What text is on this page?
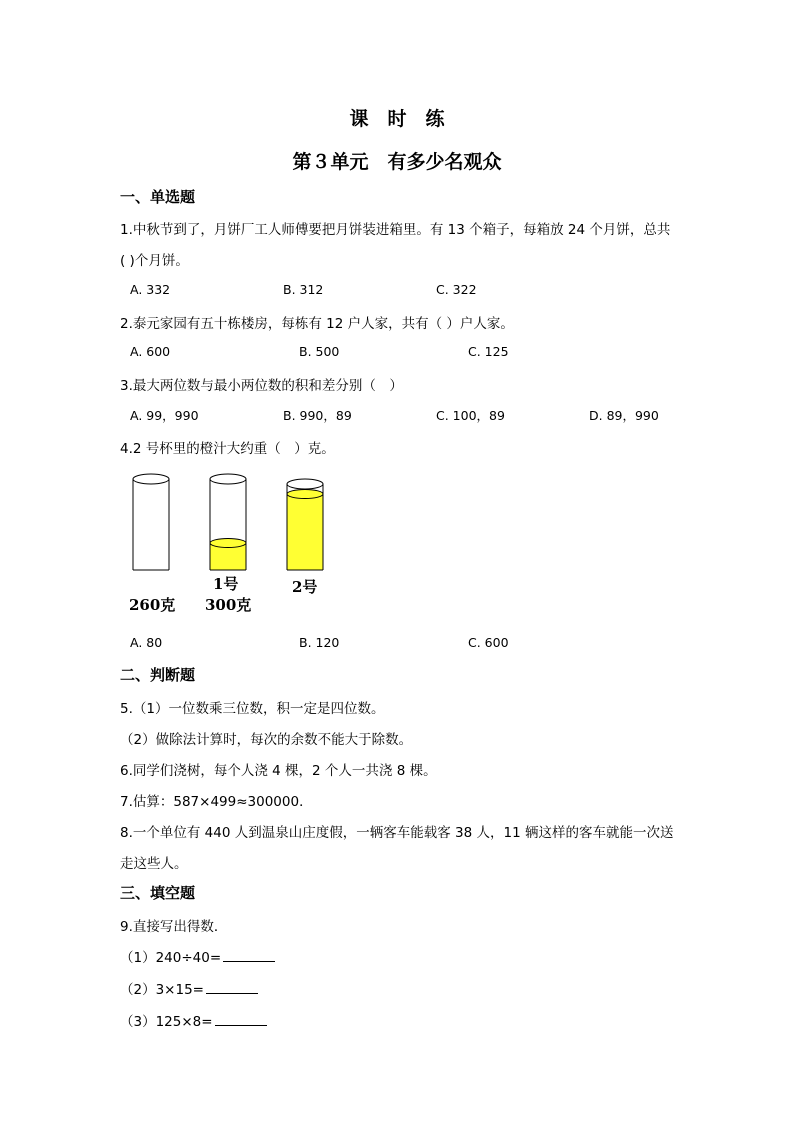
课　时　练
第３单元　有多少名观众
一、单选题
1.中秋节到了，月饼厂工人师傅要把月饼装进箱里。有 13 个箱子，每箱放 24 个月饼，总共
( )个月饼。
A. 332	B. 312	C. 322
2.泰元家园有五十栋楼房，每栋有 12 户人家，共有（ ）户人家。
A. 600	B. 500	C. 125
3.最大两位数与最小两位数的积和差分别（　）
A. 99，990	B. 990，89	C. 100，89	D. 89，990
4.2 号杯里的橙汁大约重（　）克。
260克
1号
300克
2号
A. 80	B. 120	C. 600
二、判断题
5.（1）一位数乘三位数，积一定是四位数。
（2）做除法计算时，每次的余数不能大于除数。
6.同学们浇树，每个人浇 4 棵，2 个人一共浇 8 棵。
7.估算：587×499≈300000．
8.一个单位有 440 人到温泉山庄度假，一辆客车能载客 38 人，11 辆这样的客车就能一次送
走这些人。
三、填空题
9.直接写出得数．
（1）240÷40=
（2）3×15=
（3）125×8=
